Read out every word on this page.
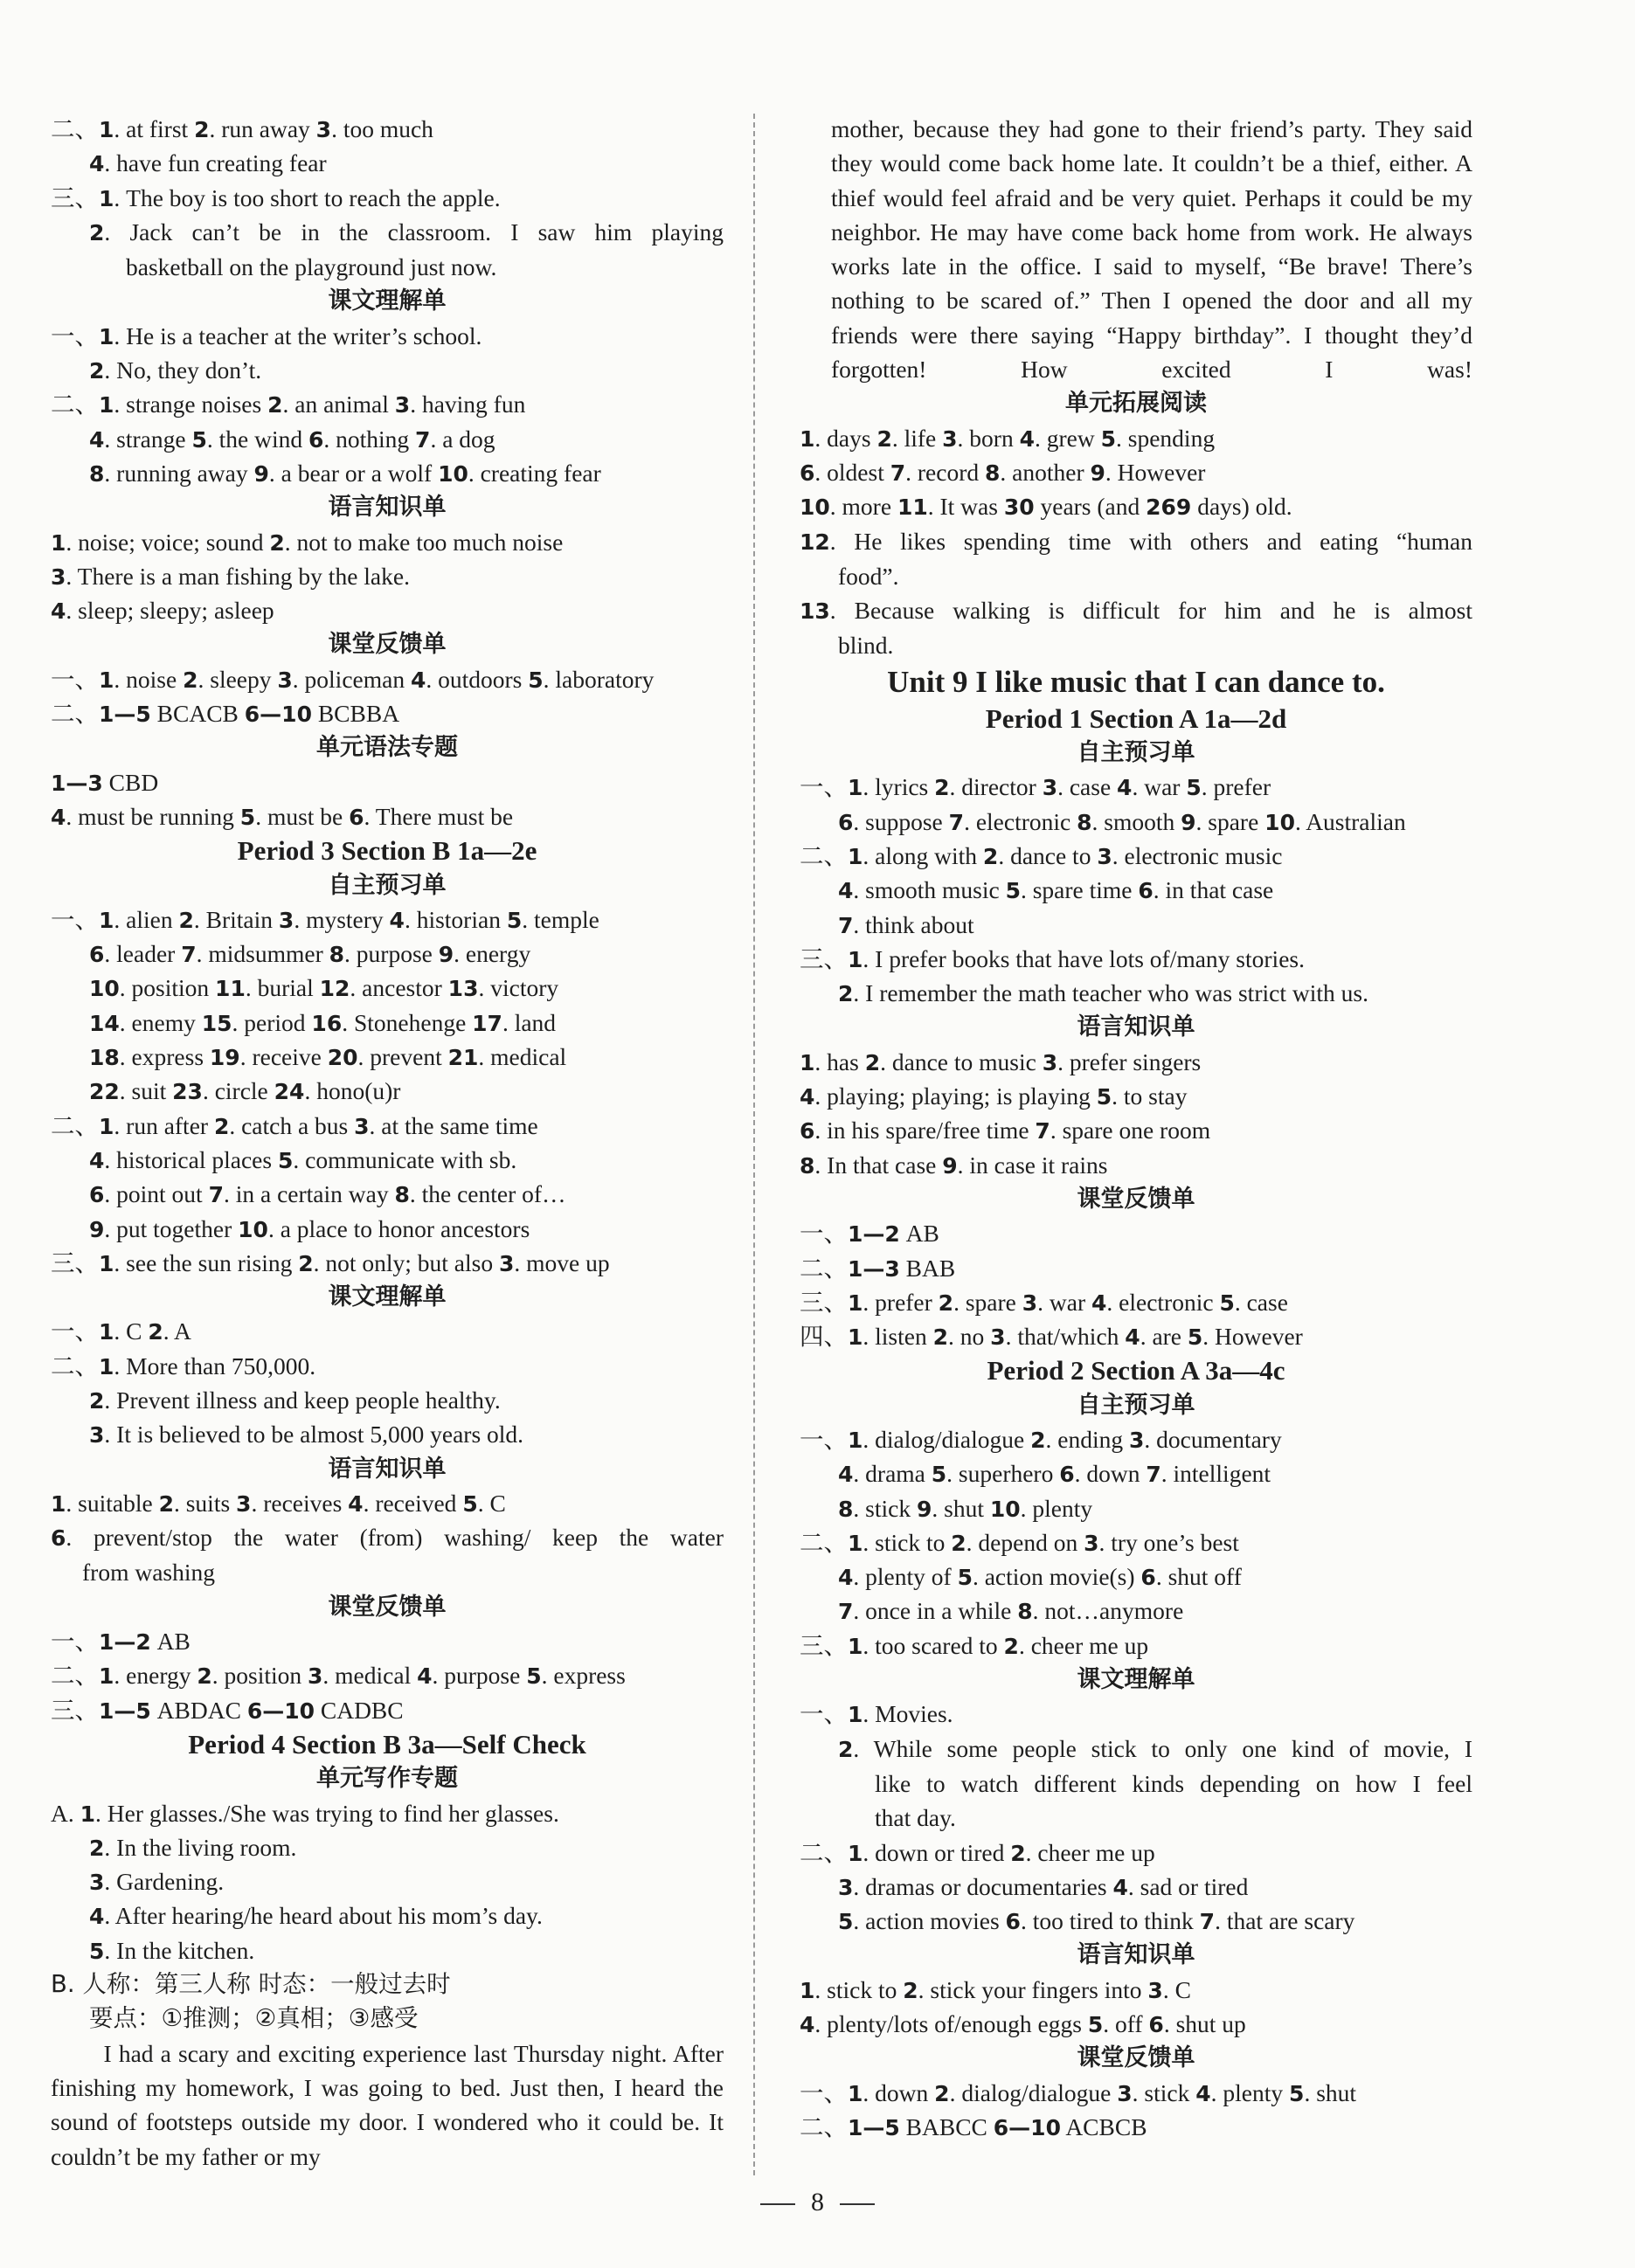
二、1. at first 2. run away 3. too much
4. have fun creating fear
三、1. The boy is too short to reach the apple.
2. Jack can’t be in the classroom. I saw him playing
basketball on the playground just now.
课文理解单
一、1. He is a teacher at the writer’s school.
2. No, they don’t.
二、1. strange noises 2. an animal 3. having fun
4. strange 5. the wind 6. nothing 7. a dog
8. running away 9. a bear or a wolf 10. creating fear
语言知识单
1. noise; voice; sound 2. not to make too much noise
3. There is a man fishing by the lake.
4. sleep; sleepy; asleep
课堂反馈单
一、1. noise 2. sleepy 3. policeman 4. outdoors 5. laboratory
二、1—5 BCACB 6—10 BCBBA
单元语法专题
1—3 CBD
4. must be running 5. must be 6. There must be
Period 3 Section B 1a—2e
自主预习单
一、1. alien 2. Britain 3. mystery 4. historian 5. temple
6. leader 7. midsummer 8. purpose 9. energy
10. position 11. burial 12. ancestor 13. victory
14. enemy 15. period 16. Stonehenge 17. land
18. express 19. receive 20. prevent 21. medical
22. suit 23. circle 24. hono(u)r
二、1. run after 2. catch a bus 3. at the same time
4. historical places 5. communicate with sb.
6. point out 7. in a certain way 8. the center of…
9. put together 10. a place to honor ancestors
三、1. see the sun rising 2. not only; but also 3. move up
课文理解单
一、1. C 2. A
二、1. More than 750,000.
2. Prevent illness and keep people healthy.
3. It is believed to be almost 5,000 years old.
语言知识单
1. suitable 2. suits 3. receives 4. received 5. C
6. prevent/stop the water (from) washing/ keep the water
from washing
课堂反馈单
一、1—2 AB
二、1. energy 2. position 3. medical 4. purpose 5. express
三、1—5 ABDAC 6—10 CADBC
Period 4 Section B 3a—Self Check
单元写作专题
A. 1. Her glasses./She was trying to find her glasses.
2. In the living room.
3. Gardening.
4. After hearing/he heard about his mom’s day.
5. In the kitchen.
B. 人称：第三人称 时态：一般过去时
要点：①推测；②真相；③感受
I had a scary and exciting experience last Thursday night. After finishing my homework, I was going to bed. Just then, I heard the sound of footsteps outside my door. I wondered who it could be. It couldn’t be my father or my
mother, because they had gone to their friend’s party. They said they would come back home late. It couldn’t be a thief, either. A thief would feel afraid and be very quiet. Perhaps it could be my neighbor. He may have come back home from work. He always works late in the office. I said to myself, “Be brave! There’s nothing to be scared of.” Then I opened the door and all my friends were there saying “Happy birthday”. I thought they’d forgotten! How excited I was!
单元拓展阅读
1. days 2. life 3. born 4. grew 5. spending
6. oldest 7. record 8. another 9. However
10. more 11. It was 30 years (and 269 days) old.
12. He likes spending time with others and eating “human
food”.
13. Because walking is difficult for him and he is almost
blind.
Unit 9 I like music that I can dance to.
Period 1 Section A 1a—2d
自主预习单
一、1. lyrics 2. director 3. case 4. war 5. prefer
6. suppose 7. electronic 8. smooth 9. spare 10. Australian
二、1. along with 2. dance to 3. electronic music
4. smooth music 5. spare time 6. in that case
7. think about
三、1. I prefer books that have lots of/many stories.
2. I remember the math teacher who was strict with us.
语言知识单
1. has 2. dance to music 3. prefer singers
4. playing; playing; is playing 5. to stay
6. in his spare/free time 7. spare one room
8. In that case 9. in case it rains
课堂反馈单
一、1—2 AB
二、1—3 BAB
三、1. prefer 2. spare 3. war 4. electronic 5. case
四、1. listen 2. no 3. that/which 4. are 5. However
Period 2 Section A 3a—4c
自主预习单
一、1. dialog/dialogue 2. ending 3. documentary
4. drama 5. superhero 6. down 7. intelligent
8. stick 9. shut 10. plenty
二、1. stick to 2. depend on 3. try one’s best
4. plenty of 5. action movie(s) 6. shut off
7. once in a while 8. not…anymore
三、1. too scared to 2. cheer me up
课文理解单
一、1. Movies.
2. While some people stick to only one kind of movie, I
like to watch different kinds depending on how I feel
that day.
二、1. down or tired 2. cheer me up
3. dramas or documentaries 4. sad or tired
5. action movies 6. too tired to think 7. that are scary
语言知识单
1. stick to 2. stick your fingers into 3. C
4. plenty/lots of/enough eggs 5. off 6. shut up
课堂反馈单
一、1. down 2. dialog/dialogue 3. stick 4. plenty 5. shut
二、1—5 BABCC 6—10 ACBCB
8
